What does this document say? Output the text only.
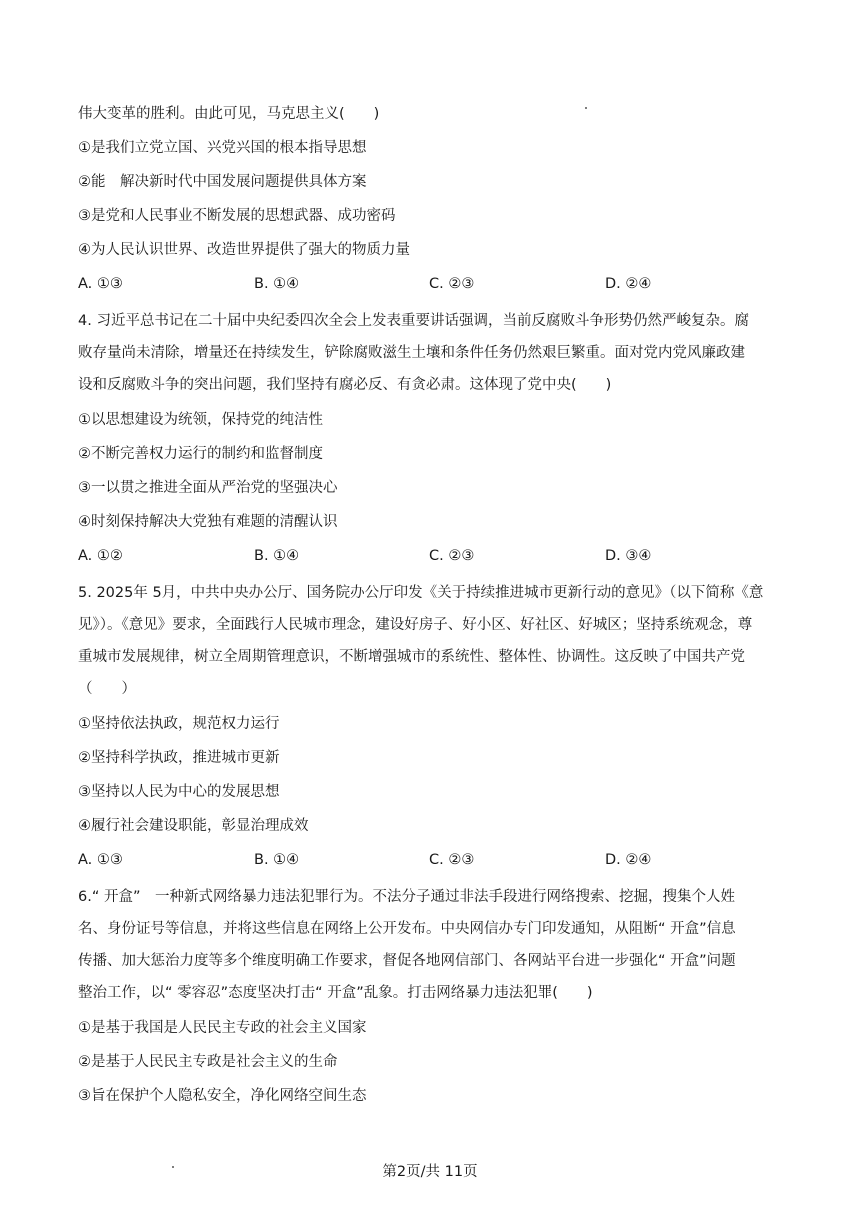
伟大变革的胜利。由此可见，马克思主义(　　)
①是我们立党立国、兴党兴国的根本指导思想
②能　解决新时代中国发展问题提供具体方案
③是党和人民事业不断发展的思想武器、成功密码
④为人民认识世界、改造世界提供了强大的物质力量
A. ①③	B. ①④	C. ②③	D. ②④
4. 习近平总书记在二十届中央纪委四次全会上发表重要讲话强调，当前反腐败斗争形势仍然严峻复杂。腐
败存量尚未清除，增量还在持续发生，铲除腐败滋生土壤和条件任务仍然艰巨繁重。面对党内党风廉政建
设和反腐败斗争的突出问题，我们坚持有腐必反、有贪必肃。这体现了党中央(　　)
①以思想建设为统领，保持党的纯洁性
②不断完善权力运行的制约和监督制度
③一以贯之推进全面从严治党的坚强决心
④时刻保持解决大党独有难题的清醒认识
A. ①②	B. ①④	C. ②③	D. ③④
5. 2025年 5月，中共中央办公厅、国务院办公厅印发《关于持续推进城市更新行动的意见》（以下简称《意
见》）。《意见》要求，全面践行人民城市理念，建设好房子、好小区、好社区、好城区；坚持系统观念，尊
重城市发展规律，树立全周期管理意识，不断增强城市的系统性、整体性、协调性。这反映了中国共产党
（　　）
①坚持依法执政，规范权力运行
②坚持科学执政，推进城市更新
③坚持以人民为中心的发展思想
④履行社会建设职能，彰显治理成效
A. ①③	B. ①④	C. ②③	D. ②④
6.“ 开盒”　一种新式网络暴力违法犯罪行为。不法分子通过非法手段进行网络搜索、挖掘，搜集个人姓
名、身份证号等信息，并将这些信息在网络上公开发布。中央网信办专门印发通知，从阻断“ 开盒”信息
传播、加大惩治力度等多个维度明确工作要求，督促各地网信部门、各网站平台进一步强化“ 开盒”问题
整治工作，以“ 零容忍”态度坚决打击“ 开盒”乱象。打击网络暴力违法犯罪(　　)
①是基于我国是人民民主专政的社会主义国家
②是基于人民民主专政是社会主义的生命
③旨在保护个人隐私安全，净化网络空间生态
第2页/共 11页
